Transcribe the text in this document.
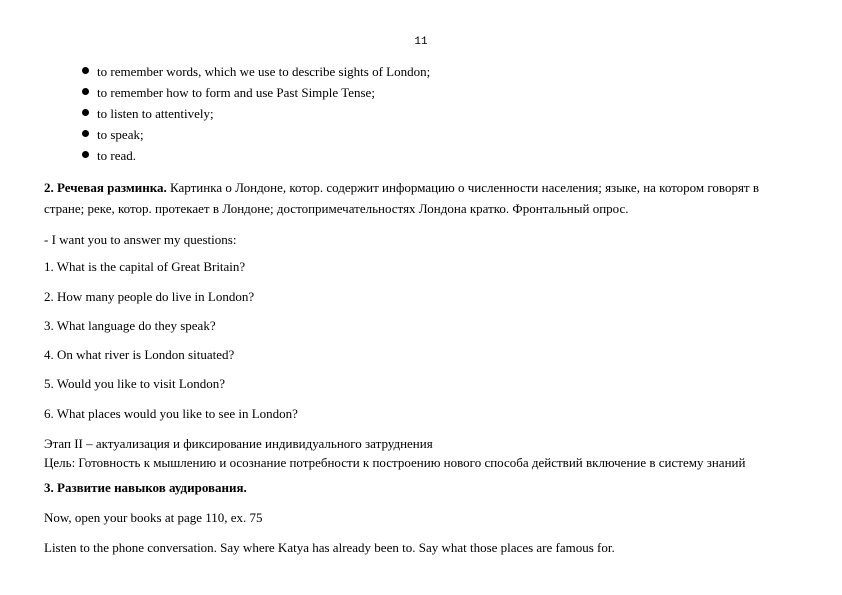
11
to remember words, which we use to describe sights of London;
to remember how to form and use Past Simple Tense;
to listen to attentively;
to speak;
to read.
2. Речевая разминка. Картинка о Лондоне, котор. содержит информацию о численности населения; языке, на котором говорят в
стране; реке, котор. протекает в Лондоне; достопримечательностях Лондона кратко. Фронтальный опрос.
- I want you to answer my questions:
1. What is the capital of Great Britain?
2. How many people do live in London?
3. What language do they speak?
4. On what river is London situated?
5. Would you like to visit London?
6. What places would you like to see in London?
Этап II – актуализация и фиксирование индивидуального затруднения
Цель: Готовность к мышлению и осознание потребности к построению нового способа действий включение в систему знаний
3. Развитие навыков аудирования.
Now, open your books at page 110, ex. 75
Listen to the phone conversation. Say where Katya has already been to. Say what those places are famous for.
